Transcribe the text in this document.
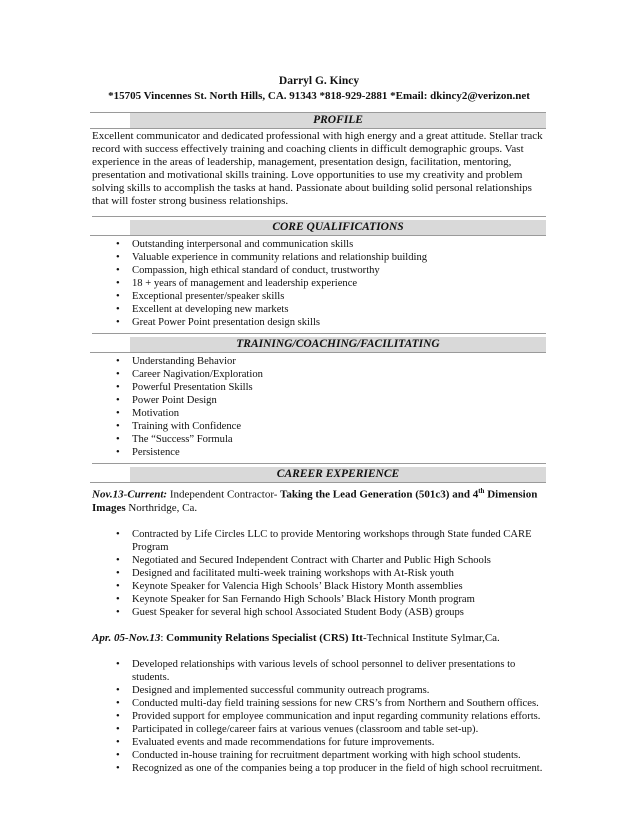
Darryl G. Kincy
*15705 Vincennes St. North Hills, CA. 91343 *818-929-2881 *Email: dkincy2@verizon.net
PROFILE

Excellent communicator and dedicated professional with high energy and a great attitude. Stellar track record with success effectively training and coaching clients in difficult demographic groups. Vast experience in the areas of leadership, management, presentation design, facilitation, mentoring, presentation and motivational skills training. Love opportunities to use my creativity and problem solving skills to accomplish the tasks at hand. Passionate about building solid personal relationships that will foster strong business relationships.

CORE QUALIFICATIONS
• Outstanding interpersonal and communication skills
• Valuable experience in community relations and relationship building
• Compassion, high ethical standard of conduct, trustworthy
• 18 + years of management and leadership experience
• Exceptional presenter/speaker skills
• Excellent at developing new markets
• Great Power Point presentation design skills
TRAINING/COACHING/FACILITATING
• Understanding Behavior
• Career Nagivation/Exploration
• Powerful Presentation Skills
• Power Point Design
• Motivation
• Training with Confidence
• The “Success” Formula
• Persistence
CAREER EXPERIENCE
Nov.13-Current: Independent Contractor- Taking the Lead Generation (501c3) and 4th Dimension Images Northridge, Ca.
• Contracted by Life Circles LLC to provide Mentoring workshops through State funded CARE Program
• Negotiated and Secured Independent Contract with Charter and Public High Schools
• Designed and facilitated multi-week training workshops with At-Risk youth
• Keynote Speaker for Valencia High Schools’ Black History Month assemblies
• Keynote Speaker for San Fernando High Schools’ Black History Month program
• Guest Speaker for several high school Associated Student Body (ASB) groups
Apr. 05-Nov.13: Community Relations Specialist (CRS) Itt-Technical Institute Sylmar,Ca.
• Developed relationships with various levels of school personnel to deliver presentations to students.
• Designed and implemented successful community outreach programs.
• Conducted multi-day field training sessions for new CRS’s from Northern and Southern offices.
• Provided support for employee communication and input regarding community relations efforts.
• Participated in college/career fairs at various venues (classroom and table set-up).
• Evaluated events and made recommendations for future improvements.
• Conducted in-house training for recruitment department working with high school students.
• Recognized as one of the companies being a top producer in the field of high school recruitment.
